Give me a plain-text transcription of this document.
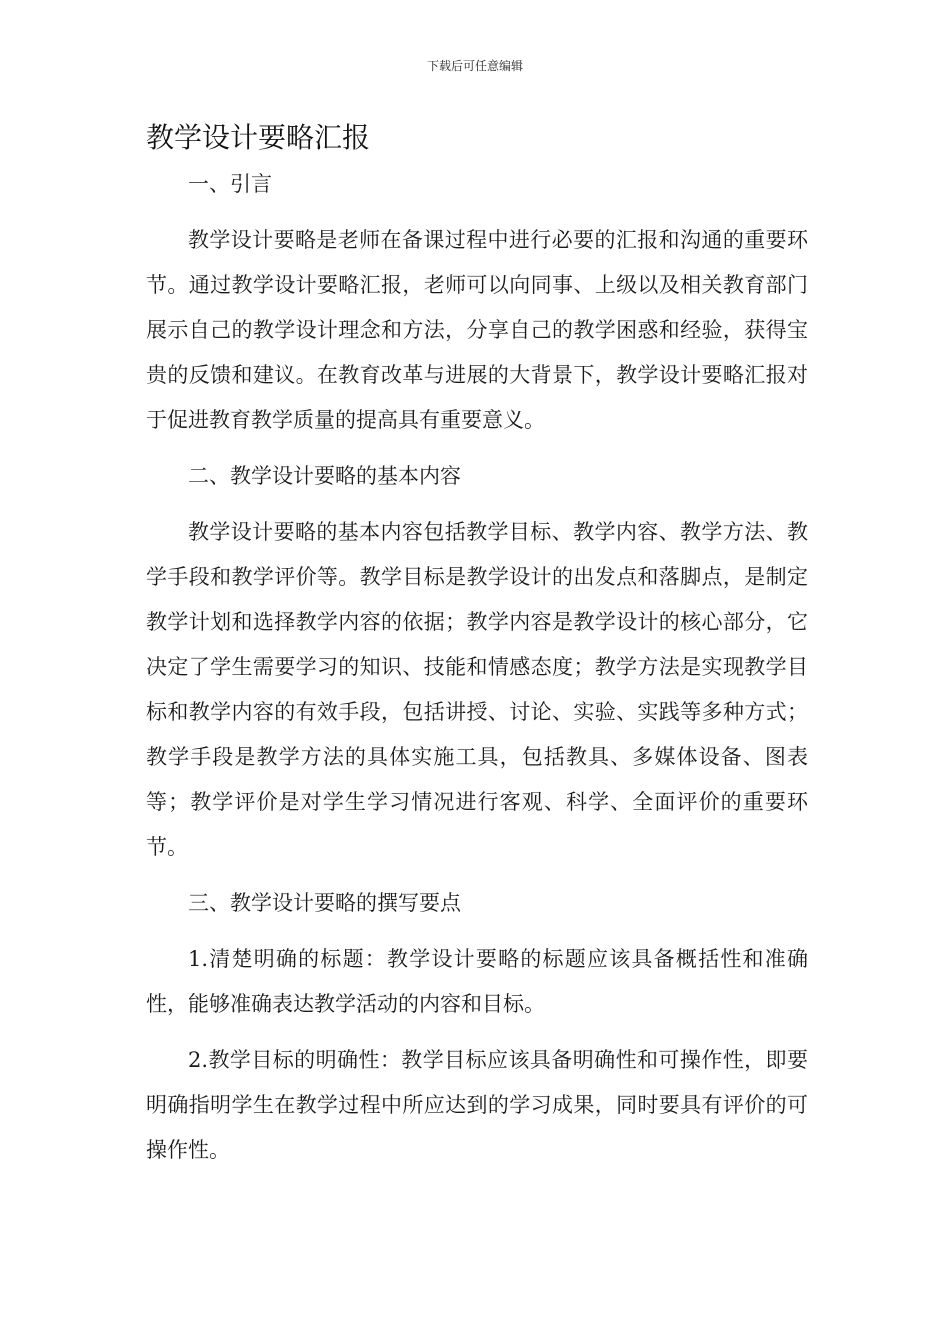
下载后可任意编辑
教学设计要略汇报

一、引言

教学设计要略是老师在备课过程中进行必要的汇报和沟通的重要环节。通过教学设计要略汇报，老师可以向同事、上级以及相关教育部门展示自己的教学设计理念和方法，分享自己的教学困惑和经验，获得宝贵的反馈和建议。在教育改革与进展的大背景下，教学设计要略汇报对于促进教育教学质量的提高具有重要意义。

二、教学设计要略的基本内容

教学设计要略的基本内容包括教学目标、教学内容、教学方法、教学手段和教学评价等。教学目标是教学设计的出发点和落脚点，是制定教学计划和选择教学内容的依据；教学内容是教学设计的核心部分，它决定了学生需要学习的知识、技能和情感态度；教学方法是实现教学目标和教学内容的有效手段，包括讲授、讨论、实验、实践等多种方式；教学手段是教学方法的具体实施工具，包括教具、多媒体设备、图表等；教学评价是对学生学习情况进行客观、科学、全面评价的重要环节。

三、教学设计要略的撰写要点

1.清楚明确的标题：教学设计要略的标题应该具备概括性和准确性，能够准确表达教学活动的内容和目标。

2.教学目标的明确性：教学目标应该具备明确性和可操作性，即要明确指明学生在教学过程中所应达到的学习成果，同时要具有评价的可操作性。
